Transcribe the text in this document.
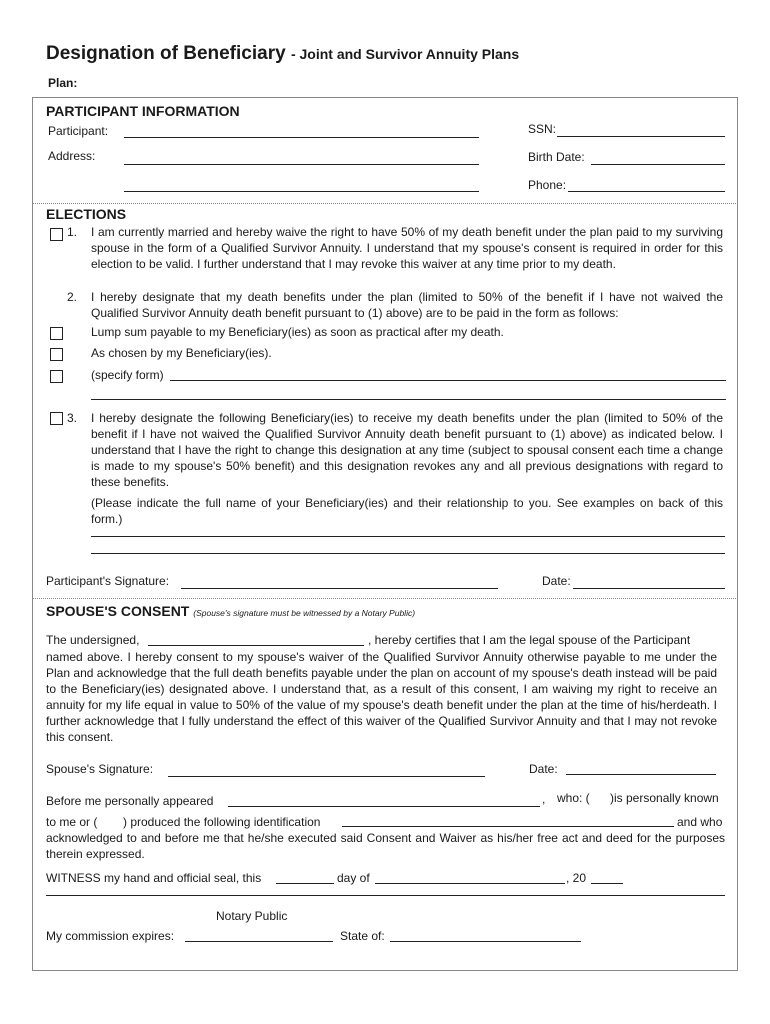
Designation of Beneficiary - Joint and Survivor Annuity Plans
Plan:
PARTICIPANT INFORMATION
Participant:	SSN:
Address:	Birth Date:
Phone:
ELECTIONS
1. I am currently married and hereby waive the right to have 50% of my death benefit under the plan paid to my surviving spouse in the form of a Qualified Survivor Annuity. I understand that my spouse's consent is required in order for this election to be valid. I further understand that I may revoke this waiver at any time prior to my death.
2. I hereby designate that my death benefits under the plan (limited to 50% of the benefit if I have not waived the Qualified Survivor Annuity death benefit pursuant to (1) above) are to be paid in the form as follows:
Lump sum payable to my Beneficiary(ies) as soon as practical after my death.
As chosen by my Beneficiary(ies).
(specify form)
3. I hereby designate the following Beneficiary(ies) to receive my death benefits under the plan (limited to 50% of the benefit if I have not waived the Qualified Survivor Annuity death benefit pursuant to (1) above) as indicated below. I understand that I have the right to change this designation at any time (subject to spousal consent each time a change is made to my spouse's 50% benefit) and this designation revokes any and all previous designations with regard to these benefits.
(Please indicate the full name of your Beneficiary(ies) and their relationship to you. See examples on back of this form.)
Participant's Signature:	Date:
SPOUSE'S CONSENT (Spouse's signature must be witnessed by a Notary Public)
The undersigned,	, hereby certifies that I am the legal spouse of the Participant
named above. I hereby consent to my spouse's waiver of the Qualified Survivor Annuity otherwise payable to me under the Plan and acknowledge that the full death benefits payable under the plan on account of my spouse's death instead will be paid to the Beneficiary(ies) designated above. I understand that, as a result of this consent, I am waiving my right to receive an annuity for my life equal in value to 50% of the value of my spouse's death benefit under the plan at the time of his/herdeath. I further acknowledge that I fully understand the effect of this waiver of the Qualified Survivor Annuity and that I may not revoke this consent.
Spouse's Signature:	Date:
Before me personally appeared	, who: ( )is personally known
to me or ( ) produced the following identification	and who
acknowledged to and before me that he/she executed said Consent and Waiver as his/her free act and deed for the purposes therein expressed.
WITNESS my hand and official seal, this	day of	, 20
Notary Public
My commission expires:	State of:
